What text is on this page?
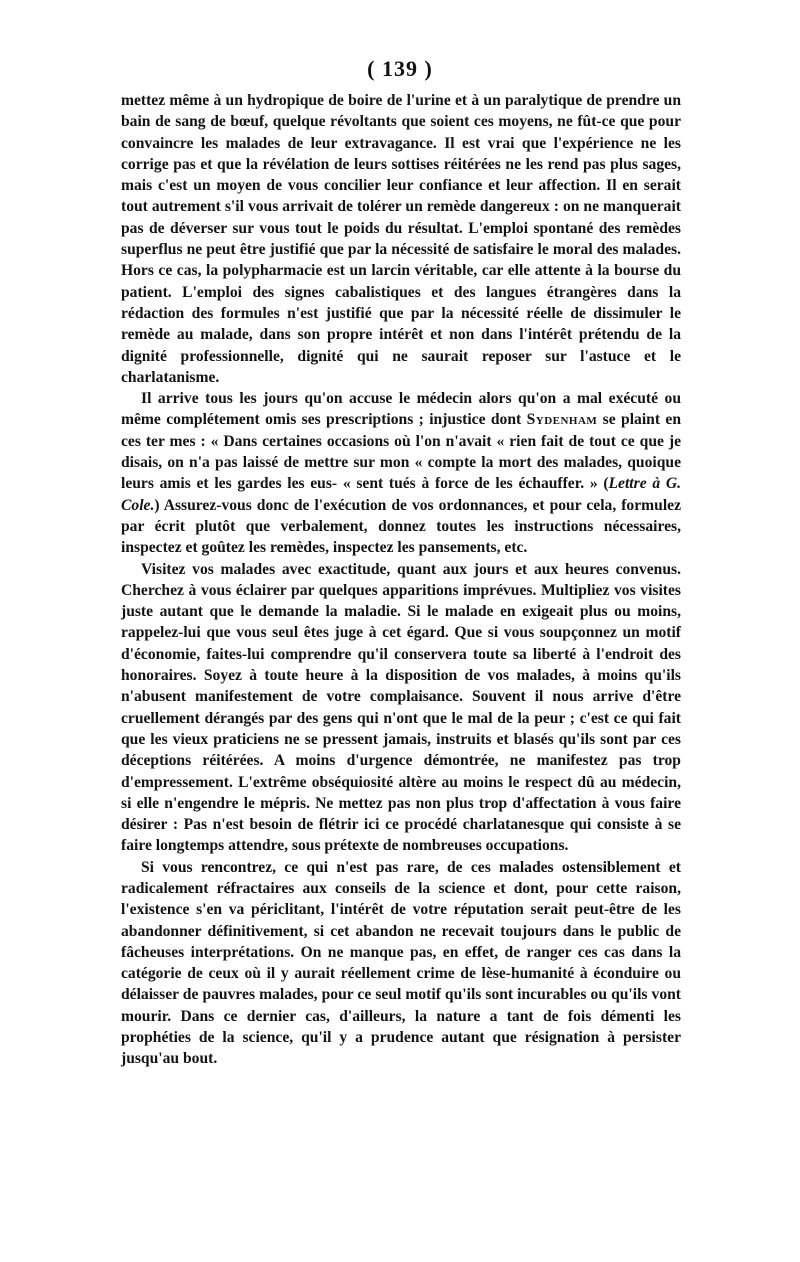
( 139 )

mettez même à un hydropique de boire de l'urine et à un paralytique de prendre un bain de sang de bœuf, quelque révoltants que soient ces moyens, ne fût-ce que pour convaincre les malades de leur extravagance. Il est vrai que l'expérience ne les corrige pas et que la révélation de leurs sottises réitérées ne les rend pas plus sages, mais c'est un moyen de vous concilier leur confiance et leur affection. Il en serait tout autrement s'il vous arrivait de tolérer un remède dangereux : on ne manquerait pas de déverser sur vous tout le poids du résultat. L'emploi spontané des remèdes superflus ne peut être justifié que par la nécessité de satisfaire le moral des malades. Hors ce cas, la polypharmacie est un larcin véritable, car elle attente à la bourse du patient. L'emploi des signes cabalistiques et des langues étrangères dans la rédaction des formules n'est justifié que par la nécessité réelle de dissimuler le remède au malade, dans son propre intérêt et non dans l'intérêt prétendu de la dignité professionnelle, dignité qui ne saurait reposer sur l'astuce et le charlatanisme.

Il arrive tous les jours qu'on accuse le médecin alors qu'on a mal exécuté ou même complétement omis ses prescriptions ; injustice dont Sydenham se plaint en ces ter mes : « Dans certaines occasions où l'on n'avait « rien fait de tout ce que je disais, on n'a pas laissé de mettre sur mon « compte la mort des malades, quoique leurs amis et les gardes les eus- « sent tués à force de les échauffer. » (Lettre à G. Cole.) Assurez-vous donc de l'exécution de vos ordonnances, et pour cela, formulez par écrit plutôt que verbalement, donnez toutes les instructions nécessaires, inspectez et goûtez les remèdes, inspectez les pansements, etc.

Visitez vos malades avec exactitude, quant aux jours et aux heures convenus. Cherchez à vous éclairer par quelques apparitions imprévues. Multipliez vos visites juste autant que le demande la maladie. Si le malade en exigeait plus ou moins, rappelez-lui que vous seul êtes juge à cet égard. Que si vous soupçonnez un motif d'économie, faites-lui comprendre qu'il conservera toute sa liberté à l'endroit des honoraires. Soyez à toute heure à la disposition de vos malades, à moins qu'ils n'abusent manifestement de votre complaisance. Souvent il nous arrive d'être cruellement dérangés par des gens qui n'ont que le mal de la peur ; c'est ce qui fait que les vieux praticiens ne se pressent jamais, instruits et blasés qu'ils sont par ces déceptions réitérées. A moins d'urgence démontrée, ne manifestez pas trop d'empressement. L'extrême obséquiosité altère au moins le respect dû au médecin, si elle n'engendre le mépris. Ne mettez pas non plus trop d'affectation à vous faire désirer : Pas n'est besoin de flétrir ici ce procédé charlatanesque qui consiste à se faire longtemps attendre, sous prétexte de nombreuses occupations.

Si vous rencontrez, ce qui n'est pas rare, de ces malades ostensiblement et radicalement réfractaires aux conseils de la science et dont, pour cette raison, l'existence s'en va périclitant, l'intérêt de votre réputation serait peut-être de les abandonner définitivement, si cet abandon ne recevait toujours dans le public de fâcheuses interprétations. On ne manque pas, en effet, de ranger ces cas dans la catégorie de ceux où il y aurait réellement crime de lèse-humanité à éconduire ou délaisser de pauvres malades, pour ce seul motif qu'ils sont incurables ou qu'ils vont mourir. Dans ce dernier cas, d'ailleurs, la nature a tant de fois démenti les prophéties de la science, qu'il y a prudence autant que résignation à persister jusqu'au bout.
